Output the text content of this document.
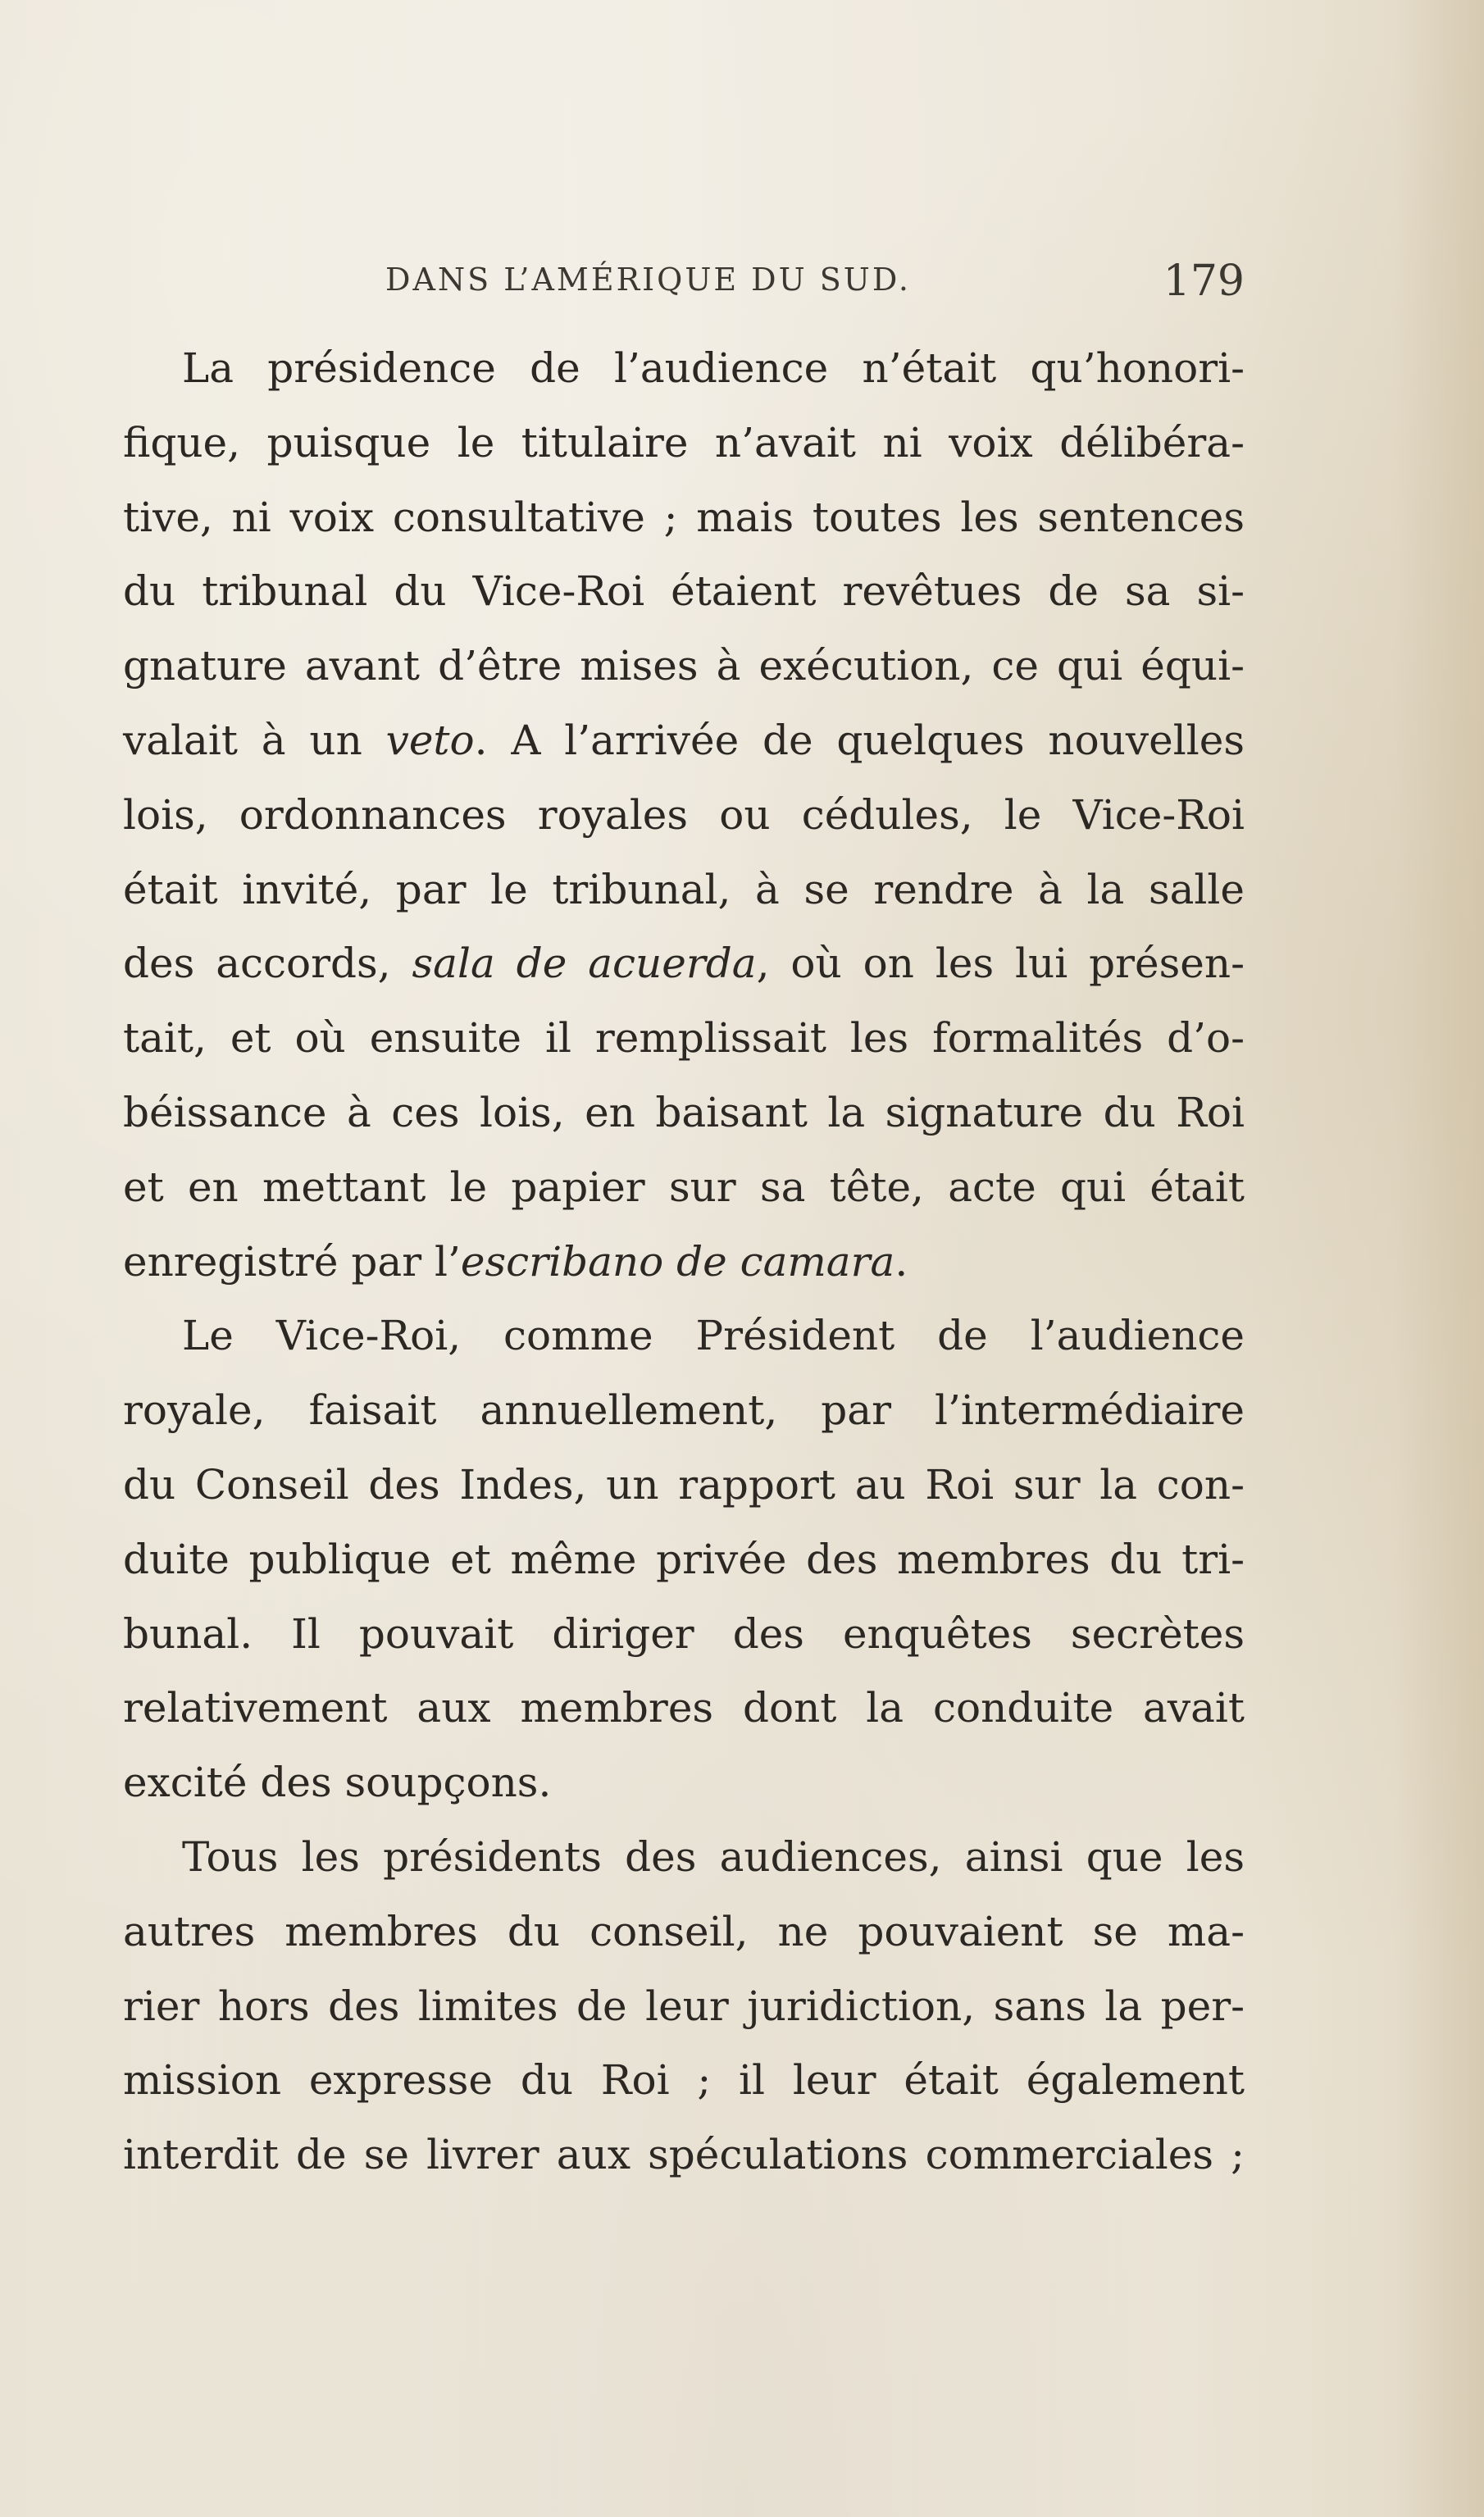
DANS L’AMÉRIQUE DU SUD.	179
La présidence de l’audience n’était qu’honori-
fique, puisque le titulaire n’avait ni voix délibéra-
tive, ni voix consultative ; mais toutes les sentences
du tribunal du Vice-Roi étaient revêtues de sa si-
gnature avant d’être mises à exécution, ce qui équi-
valait à un veto. A l’arrivée de quelques nouvelles
lois, ordonnances royales ou cédules, le Vice-Roi
était invité, par le tribunal, à se rendre à la salle
des accords, sala de acuerda, où on les lui présen-
tait, et où ensuite il remplissait les formalités d’o-
béissance à ces lois, en baisant la signature du Roi
et en mettant le papier sur sa tête, acte qui était
enregistré par l’escribano de camara.
Le Vice-Roi, comme Président de l’audience
royale, faisait annuellement, par l’intermédiaire
du Conseil des Indes, un rapport au Roi sur la con-
duite publique et même privée des membres du tri-
bunal. Il pouvait diriger des enquêtes secrètes
relativement aux membres dont la conduite avait
excité des soupçons.
Tous les présidents des audiences, ainsi que les
autres membres du conseil, ne pouvaient se ma-
rier hors des limites de leur juridiction, sans la per-
mission expresse du Roi ; il leur était également
interdit de se livrer aux spéculations commerciales ;
